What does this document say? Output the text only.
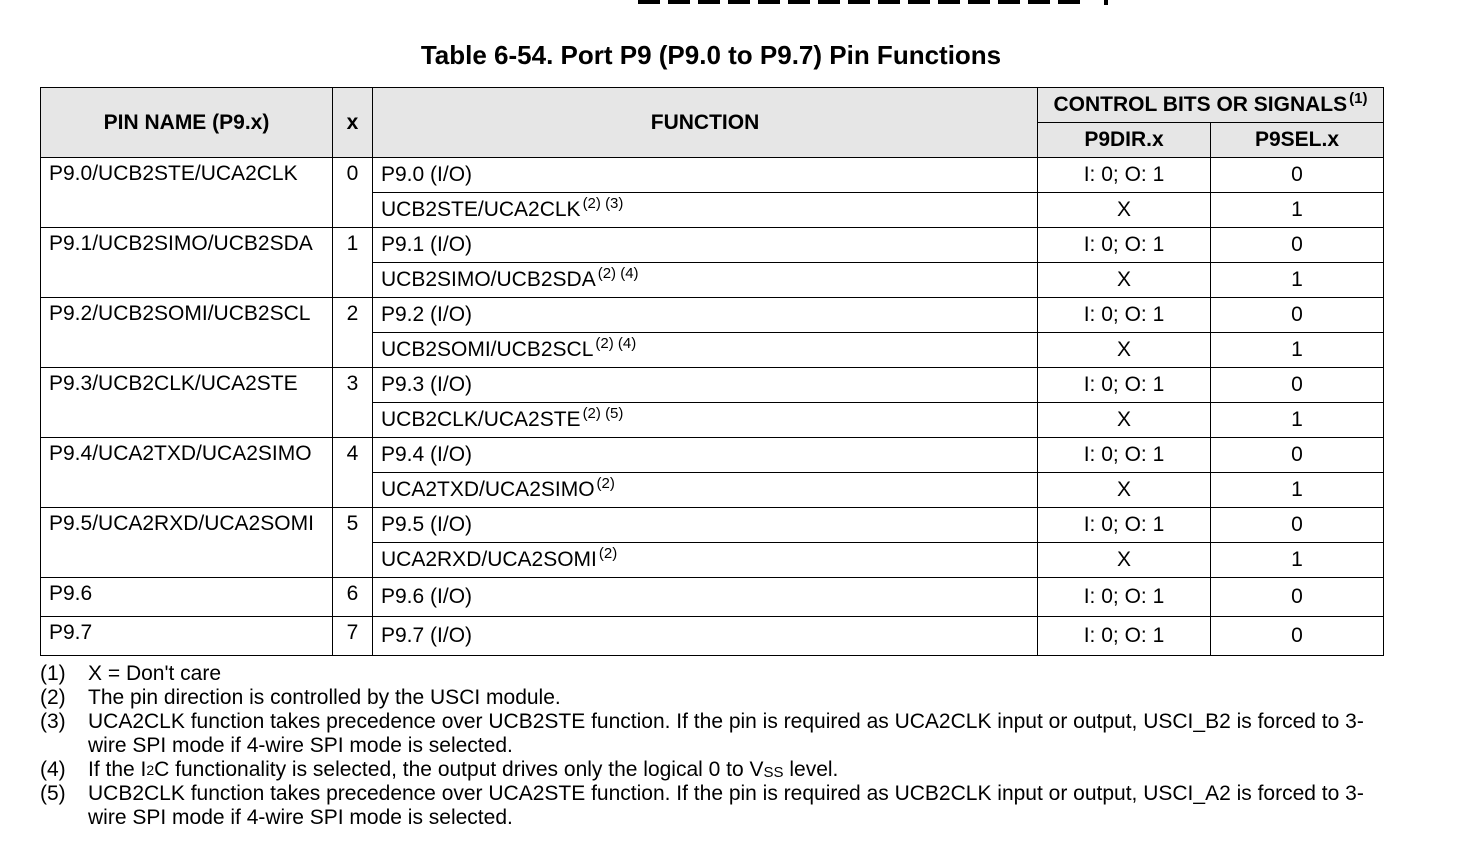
Table 6-54. Port P9 (P9.0 to P9.7) Pin Functions
PIN NAME (P9.x)	x	FUNCTION	CONTROL BITS OR SIGNALS $^{(1)}$
			P9DIR.x	P9SEL.x
P9.0/UCB2STE/UCA2CLK	0	P9.0 (I/O)	I: 0; O: 1	0
		UCB2STE/UCA2CLK $^{(2) (3)}$	X	1
P9.1/UCB2SIMO/UCB2SDA	1	P9.1 (I/O)	I: 0; O: 1	0
		UCB2SIMO/UCB2SDA $^{(2) (4)}$	X	1
P9.2/UCB2SOMI/UCB2SCL	2	P9.2 (I/O)	I: 0; O: 1	0
		UCB2SOMI/UCB2SCL $^{(2) (4)}$	X	1
P9.3/UCB2CLK/UCA2STE	3	P9.3 (I/O)	I: 0; O: 1	0
		UCB2CLK/UCA2STE $^{(2) (5)}$	X	1
P9.4/UCA2TXD/UCA2SIMO	4	P9.4 (I/O)	I: 0; O: 1	0
		UCA2TXD/UCA2SIMO $^{(2)}$	X	1
P9.5/UCA2RXD/UCA2SOMI	5	P9.5 (I/O)	I: 0; O: 1	0
		UCA2RXD/UCA2SOMI $^{(2)}$	X	1
P9.6	6	P9.6 (I/O)	I: 0; O: 1	0
P9.7	7	P9.7 (I/O)	I: 0; O: 1	0
(1)	X = Don't care
(2)	The pin direction is controlled by the USCI module.
(3)	UCA2CLK function takes precedence over UCB2STE function. If the pin is required as UCA2CLK input or output, USCI_B2 is forced to 3-wire SPI mode if 4-wire SPI mode is selected.
(4)	If the $I^2C$ functionality is selected, the output drives only the logical 0 to $V_{SS}$ level.
(5)	UCB2CLK function takes precedence over UCA2STE function. If the pin is required as UCB2CLK input or output, USCI_A2 is forced to 3-wire SPI mode if 4-wire SPI mode is selected.
